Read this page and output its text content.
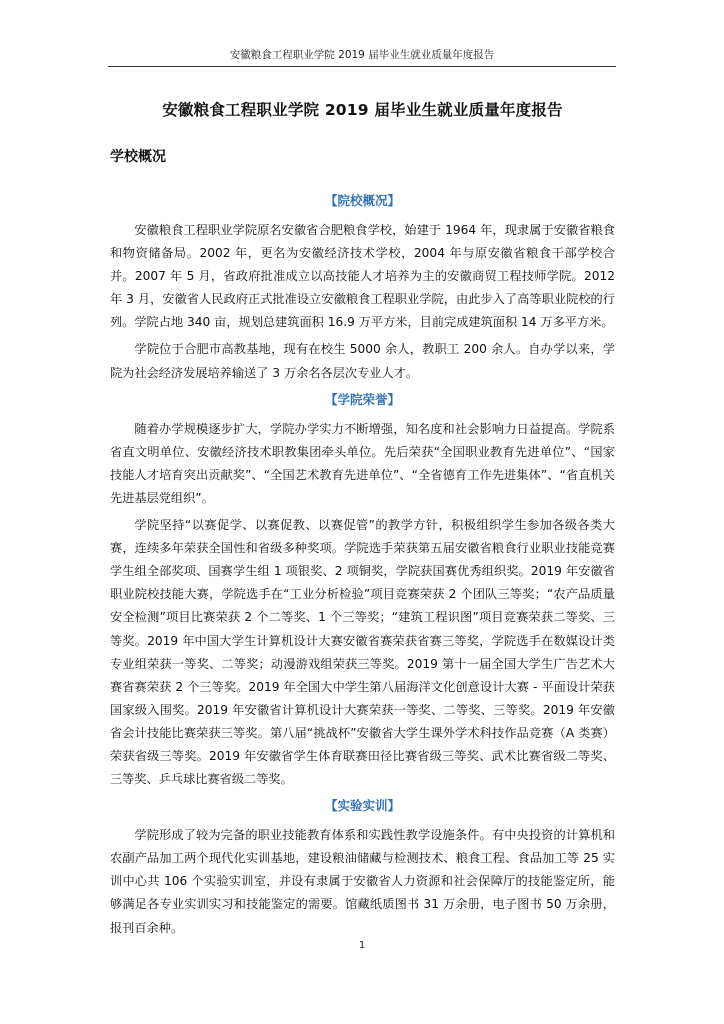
安徽粮食工程职业学院 2019 届毕业生就业质量年度报告
安徽粮食工程职业学院 2019 届毕业生就业质量年度报告
学校概况
【院校概况】

安徽粮食工程职业学院原名安徽省合肥粮食学校，始建于 1964 年，现隶属于安徽省粮食和物资储备局。2002 年，更名为安徽经济技术学校，2004 年与原安徽省粮食干部学校合并。2007 年 5 月，省政府批准成立以高技能人才培养为主的安徽商贸工程技师学院。2012 年 3 月，安徽省人民政府正式批准设立安徽粮食工程职业学院，由此步入了高等职业院校的行列。学院占地 340 亩，规划总建筑面积 16.9 万平方米，目前完成建筑面积 14 万多平方米。

学院位于合肥市高教基地，现有在校生 5000 余人，教职工 200 余人。自办学以来，学院为社会经济发展培养输送了 3 万余名各层次专业人才。

【学院荣誉】

随着办学规模逐步扩大，学院办学实力不断增强，知名度和社会影响力日益提高。学院系省直文明单位、安徽经济技术职教集团牵头单位。先后荣获“全国职业教育先进单位”、“国家技能人才培育突出贡献奖”、“全国艺术教育先进单位”、“全省德育工作先进集体”、“省直机关先进基层党组织”。

学院坚持“以赛促学、以赛促教、以赛促管”的教学方针，积极组织学生参加各级各类大赛，连续多年荣获全国性和省级多种奖项。学院选手荣获第五届安徽省粮食行业职业技能竞赛学生组全部奖项、国赛学生组 1 项银奖、2 项铜奖，学院获国赛优秀组织奖。2019 年安徽省职业院校技能大赛，学院选手在“工业分析检验”项目竞赛荣获 2 个团队三等奖；“农产品质量安全检测”项目比赛荣获 2 个二等奖、1 个三等奖；“建筑工程识图”项目竞赛荣获二等奖、三等奖。2019 年中国大学生计算机设计大赛安徽省赛荣获省赛三等奖，学院选手在数媒设计类专业组荣获一等奖、二等奖；动漫游戏组荣获三等奖。2019 第十一届全国大学生广告艺术大赛省赛荣获 2 个三等奖。2019 年全国大中学生第八届海洋文化创意设计大赛 - 平面设计荣获国家级入围奖。2019 年安徽省计算机设计大赛荣获一等奖、二等奖、三等奖。2019 年安徽省会计技能比赛荣获三等奖。第八届“挑战杯”安徽省大学生课外学术科技作品竞赛（A 类赛）荣获省级三等奖。2019 年安徽省学生体育联赛田径比赛省级三等奖、武术比赛省级二等奖、三等奖、乒乓球比赛省级二等奖。

【实验实训】

学院形成了较为完备的职业技能教育体系和实践性教学设施条件。有中央投资的计算机和农副产品加工两个现代化实训基地，建设粮油储藏与检测技术、粮食工程、食品加工等 25 实训中心共 106 个实验实训室，并设有隶属于安徽省人力资源和社会保障厅的技能鉴定所，能够满足各专业实训实习和技能鉴定的需要。馆藏纸质图书 31 万余册，电子图书 50 万余册，报刊百余种。

1
